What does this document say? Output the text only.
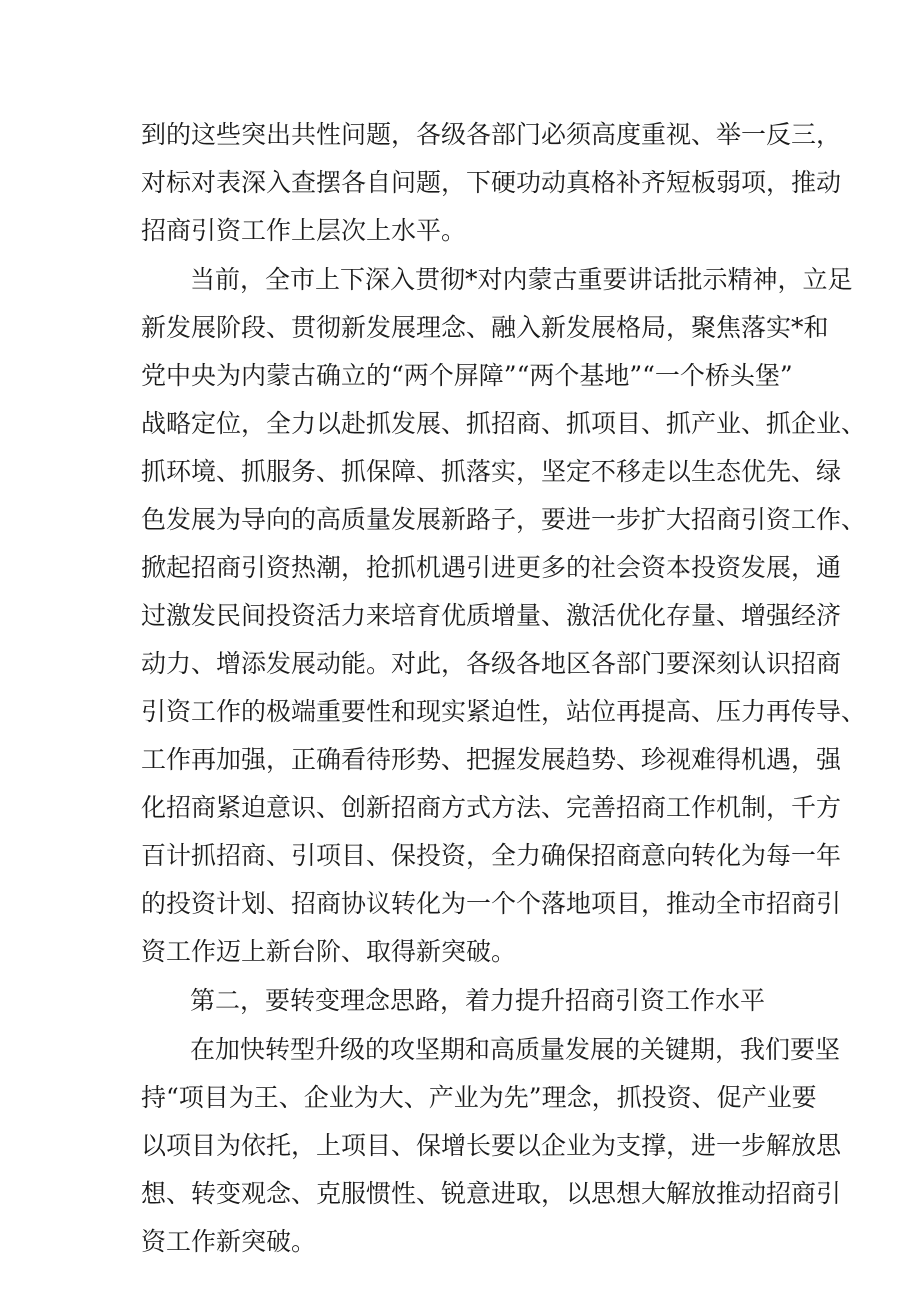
到的这些突出共性问题，各级各部门必须高度重视、举一反三，
对标对表深入查摆各自问题，下硬功动真格补齐短板弱项，推动
招商引资工作上层次上水平。
当前，全市上下深入贯彻*对内蒙古重要讲话批示精神，立足
新发展阶段、贯彻新发展理念、融入新发展格局，聚焦落实*和
党中央为内蒙古确立的“两个屏障”“两个基地”“一个桥头堡”
战略定位，全力以赴抓发展、抓招商、抓项目、抓产业、抓企业、
抓环境、抓服务、抓保障、抓落实，坚定不移走以生态优先、绿
色发展为导向的高质量发展新路子，要进一步扩大招商引资工作、
掀起招商引资热潮，抢抓机遇引进更多的社会资本投资发展，通
过激发民间投资活力来培育优质增量、激活优化存量、增强经济
动力、增添发展动能。对此，各级各地区各部门要深刻认识招商
引资工作的极端重要性和现实紧迫性，站位再提高、压力再传导、
工作再加强，正确看待形势、把握发展趋势、珍视难得机遇，强
化招商紧迫意识、创新招商方式方法、完善招商工作机制，千方
百计抓招商、引项目、保投资，全力确保招商意向转化为每一年
的投资计划、招商协议转化为一个个落地项目，推动全市招商引
资工作迈上新台阶、取得新突破。
第二，要转变理念思路，着力提升招商引资工作水平
在加快转型升级的攻坚期和高质量发展的关键期，我们要坚
持“项目为王、企业为大、产业为先”理念，抓投资、促产业要
以项目为依托，上项目、保增长要以企业为支撑，进一步解放思
想、转变观念、克服惯性、锐意进取，以思想大解放推动招商引
资工作新突破。
